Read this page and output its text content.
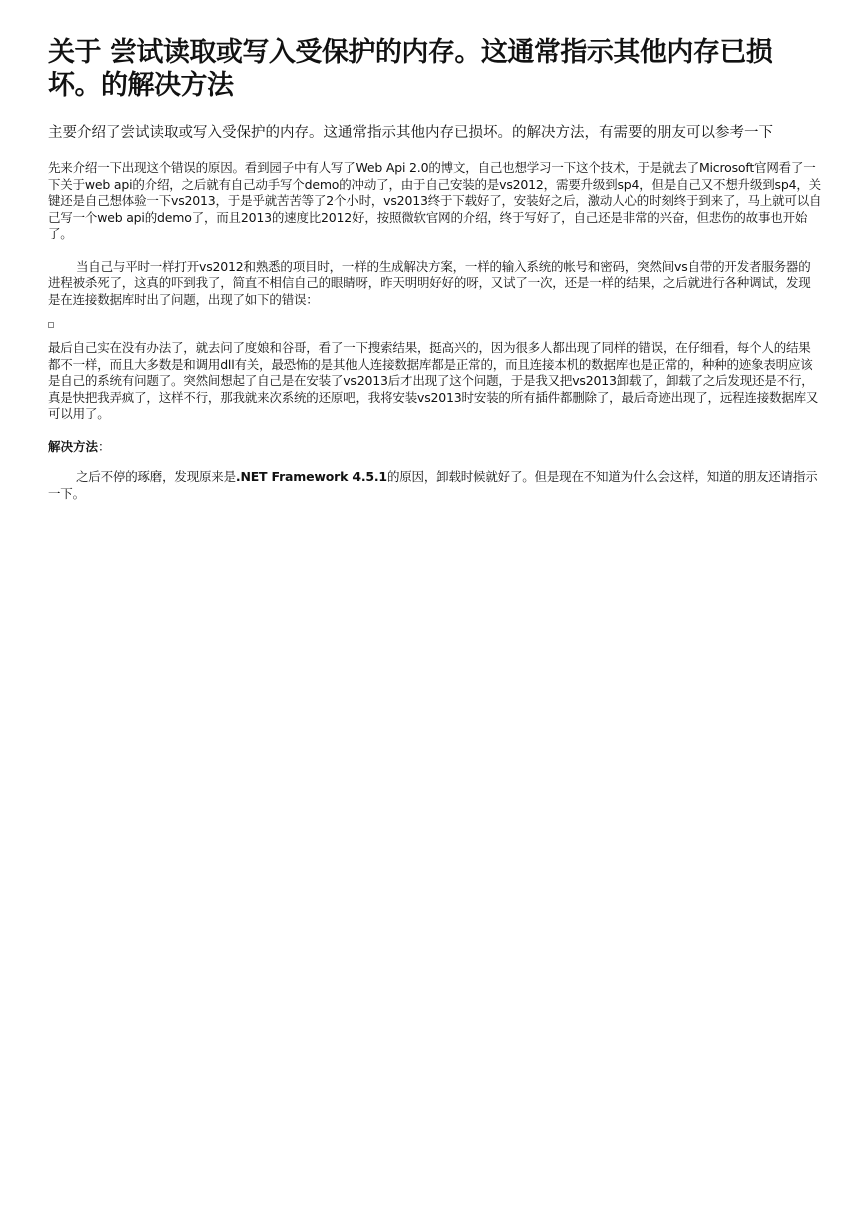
关于 尝试读取或写入受保护的内存。这通常指示其他内存已损坏。的解决方法

主要介绍了尝试读取或写入受保护的内存。这通常指示其他内存已损坏。的解决方法，有需要的朋友可以参考一下

先来介绍一下出现这个错误的原因。看到园子中有人写了Web Api 2.0的博文，自己也想学习一下这个技术，于是就去了Microsoft官网看了一下关于web api的介绍，之后就有自己动手写个demo的冲动了，由于自己安装的是vs2012，需要升级到sp4，但是自己又不想升级到sp4，关键还是自己想体验一下vs2013，于是乎就苦苦等了2个小时，vs2013终于下载好了，安装好之后，激动人心的时刻终于到来了，马上就可以自己写一个web api的demo了，而且2013的速度比2012好，按照微软官网的介绍，终于写好了，自己还是非常的兴奋，但悲伤的故事也开始了。

当自己与平时一样打开vs2012和熟悉的项目时，一样的生成解决方案，一样的输入系统的帐号和密码，突然间vs自带的开发者服务器的进程被杀死了，这真的吓到我了，简直不相信自己的眼睛呀，昨天明明好好的呀，又试了一次，还是一样的结果，之后就进行各种调试，发现是在连接数据库时出了问题，出现了如下的错误：

最后自己实在没有办法了，就去问了度娘和谷哥，看了一下搜索结果，挺高兴的，因为很多人都出现了同样的错误，在仔细看，每个人的结果都不一样，而且大多数是和调用dll有关，最恐怖的是其他人连接数据库都是正常的，而且连接本机的数据库也是正常的，种种的迹象表明应该是自己的系统有问题了。突然间想起了自己是在安装了vs2013后才出现了这个问题，于是我又把vs2013卸载了，卸载了之后发现还是不行，真是快把我弄疯了，这样不行，那我就来次系统的还原吧，我将安装vs2013时安装的所有插件都删除了，最后奇迹出现了，远程连接数据库又可以用了。

解决方法：

之后不停的琢磨，发现原来是.NET Framework 4.5.1的原因，卸载时候就好了。但是现在不知道为什么会这样，知道的朋友还请指示一下。
